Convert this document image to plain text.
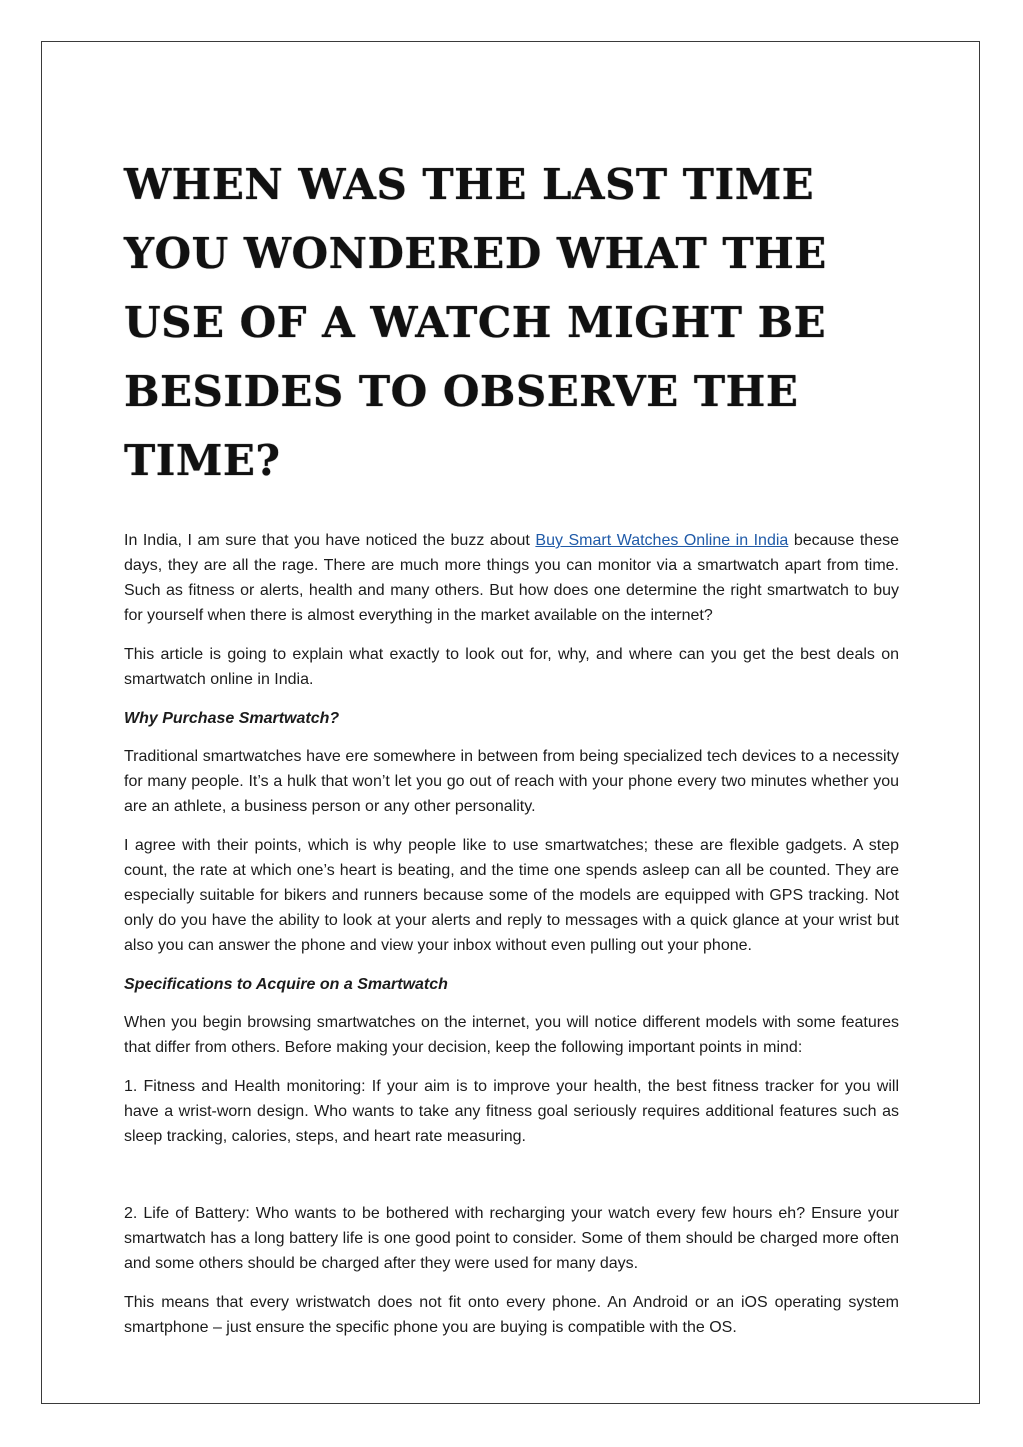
WHEN WAS THE LAST TIME YOU WONDERED WHAT THE USE OF A WATCH MIGHT BE BESIDES TO OBSERVE THE TIME?

In India, I am sure that you have noticed the buzz about Buy Smart Watches Online in India because these days, they are all the rage. There are much more things you can monitor via a smartwatch apart from time. Such as fitness or alerts, health and many others. But how does one determine the right smartwatch to buy for yourself when there is almost everything in the market available on the internet?

This article is going to explain what exactly to look out for, why, and where can you get the best deals on smartwatch online in India.

Why Purchase Smartwatch?

Traditional smartwatches have ere somewhere in between from being specialized tech devices to a necessity for many people. It’s a hulk that won’t let you go out of reach with your phone every two minutes whether you are an athlete, a business person or any other personality.

I agree with their points, which is why people like to use smartwatches; these are flexible gadgets. A step count, the rate at which one’s heart is beating, and the time one spends asleep can all be counted. They are especially suitable for bikers and runners because some of the models are equipped with GPS tracking. Not only do you have the ability to look at your alerts and reply to messages with a quick glance at your wrist but also you can answer the phone and view your inbox without even pulling out your phone.

Specifications to Acquire on a Smartwatch

When you begin browsing smartwatches on the internet, you will notice different models with some features that differ from others. Before making your decision, keep the following important points in mind:

1. Fitness and Health monitoring: If your aim is to improve your health, the best fitness tracker for you will have a wrist-worn design. Who wants to take any fitness goal seriously requires additional features such as sleep tracking, calories, steps, and heart rate measuring.

2. Life of Battery: Who wants to be bothered with recharging your watch every few hours eh? Ensure your smartwatch has a long battery life is one good point to consider. Some of them should be charged more often and some others should be charged after they were used for many days.

This means that every wristwatch does not fit onto every phone. An Android or an iOS operating system smartphone – just ensure the specific phone you are buying is compatible with the OS.
